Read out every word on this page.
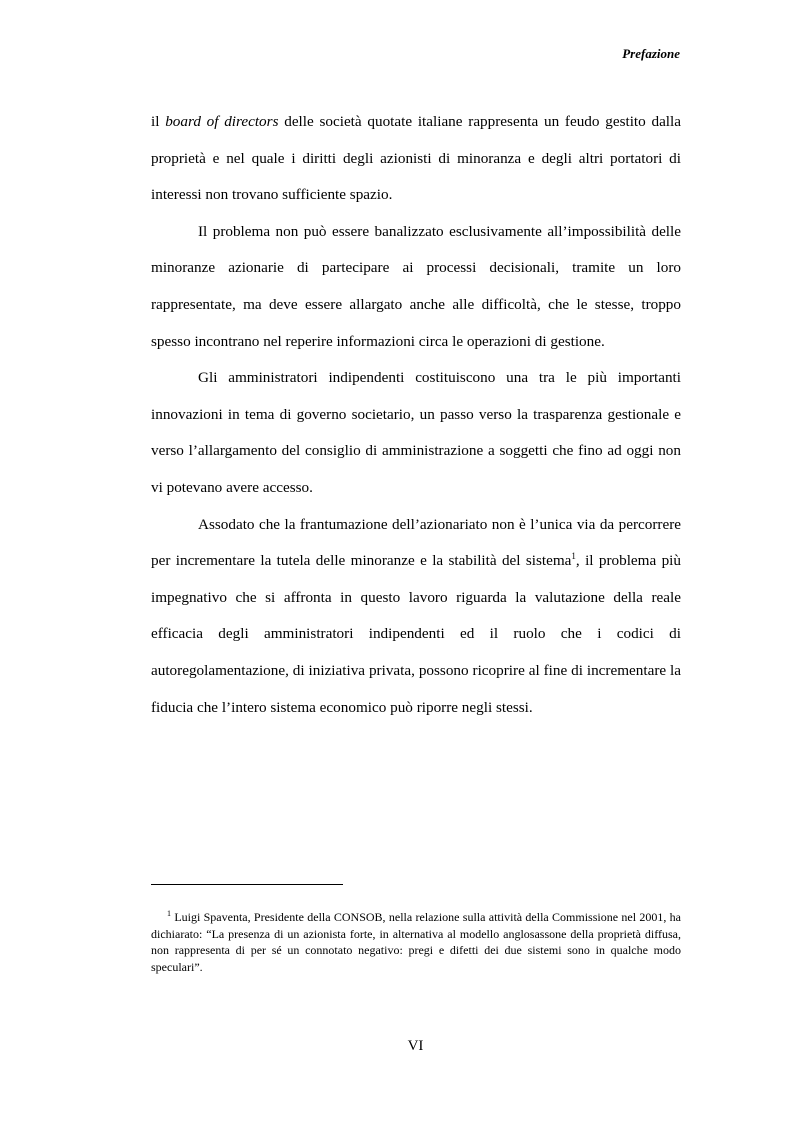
Prefazione

il board of directors delle società quotate italiane rappresenta un feudo gestito dalla proprietà e nel quale i diritti degli azionisti di minoranza e degli altri portatori di interessi non trovano sufficiente spazio.

Il problema non può essere banalizzato esclusivamente all’impossibilità delle minoranze azionarie di partecipare ai processi decisionali, tramite un loro rappresentate, ma deve essere allargato anche alle difficoltà, che le stesse, troppo spesso incontrano nel reperire informazioni circa le operazioni di gestione.

Gli amministratori indipendenti costituiscono una tra le più importanti innovazioni in tema di governo societario, un passo verso la trasparenza gestionale e verso l’allargamento del consiglio di amministrazione a soggetti che fino ad oggi non vi potevano avere accesso.

Assodato che la frantumazione dell’azionariato non è l’unica via da percorrere per incrementare la tutela delle minoranze e la stabilità del sistema$^1$, il problema più impegnativo che si affronta in questo lavoro riguarda la valutazione della reale efficacia degli amministratori indipendenti ed il ruolo che i codici di autoregolamentazione, di iniziativa privata, possono ricoprire al fine di incrementare la fiducia che l’intero sistema economico può riporre negli stessi.

$^1$ Luigi Spaventa, Presidente della CONSOB, nella relazione sulla attività della Commissione nel 2001, ha dichiarato: “La presenza di un azionista forte, in alternativa al modello anglosassone della proprietà diffusa, non rappresenta di per sé un connotato negativo: pregi e difetti dei due sistemi sono in qualche modo speculari”.
VI
